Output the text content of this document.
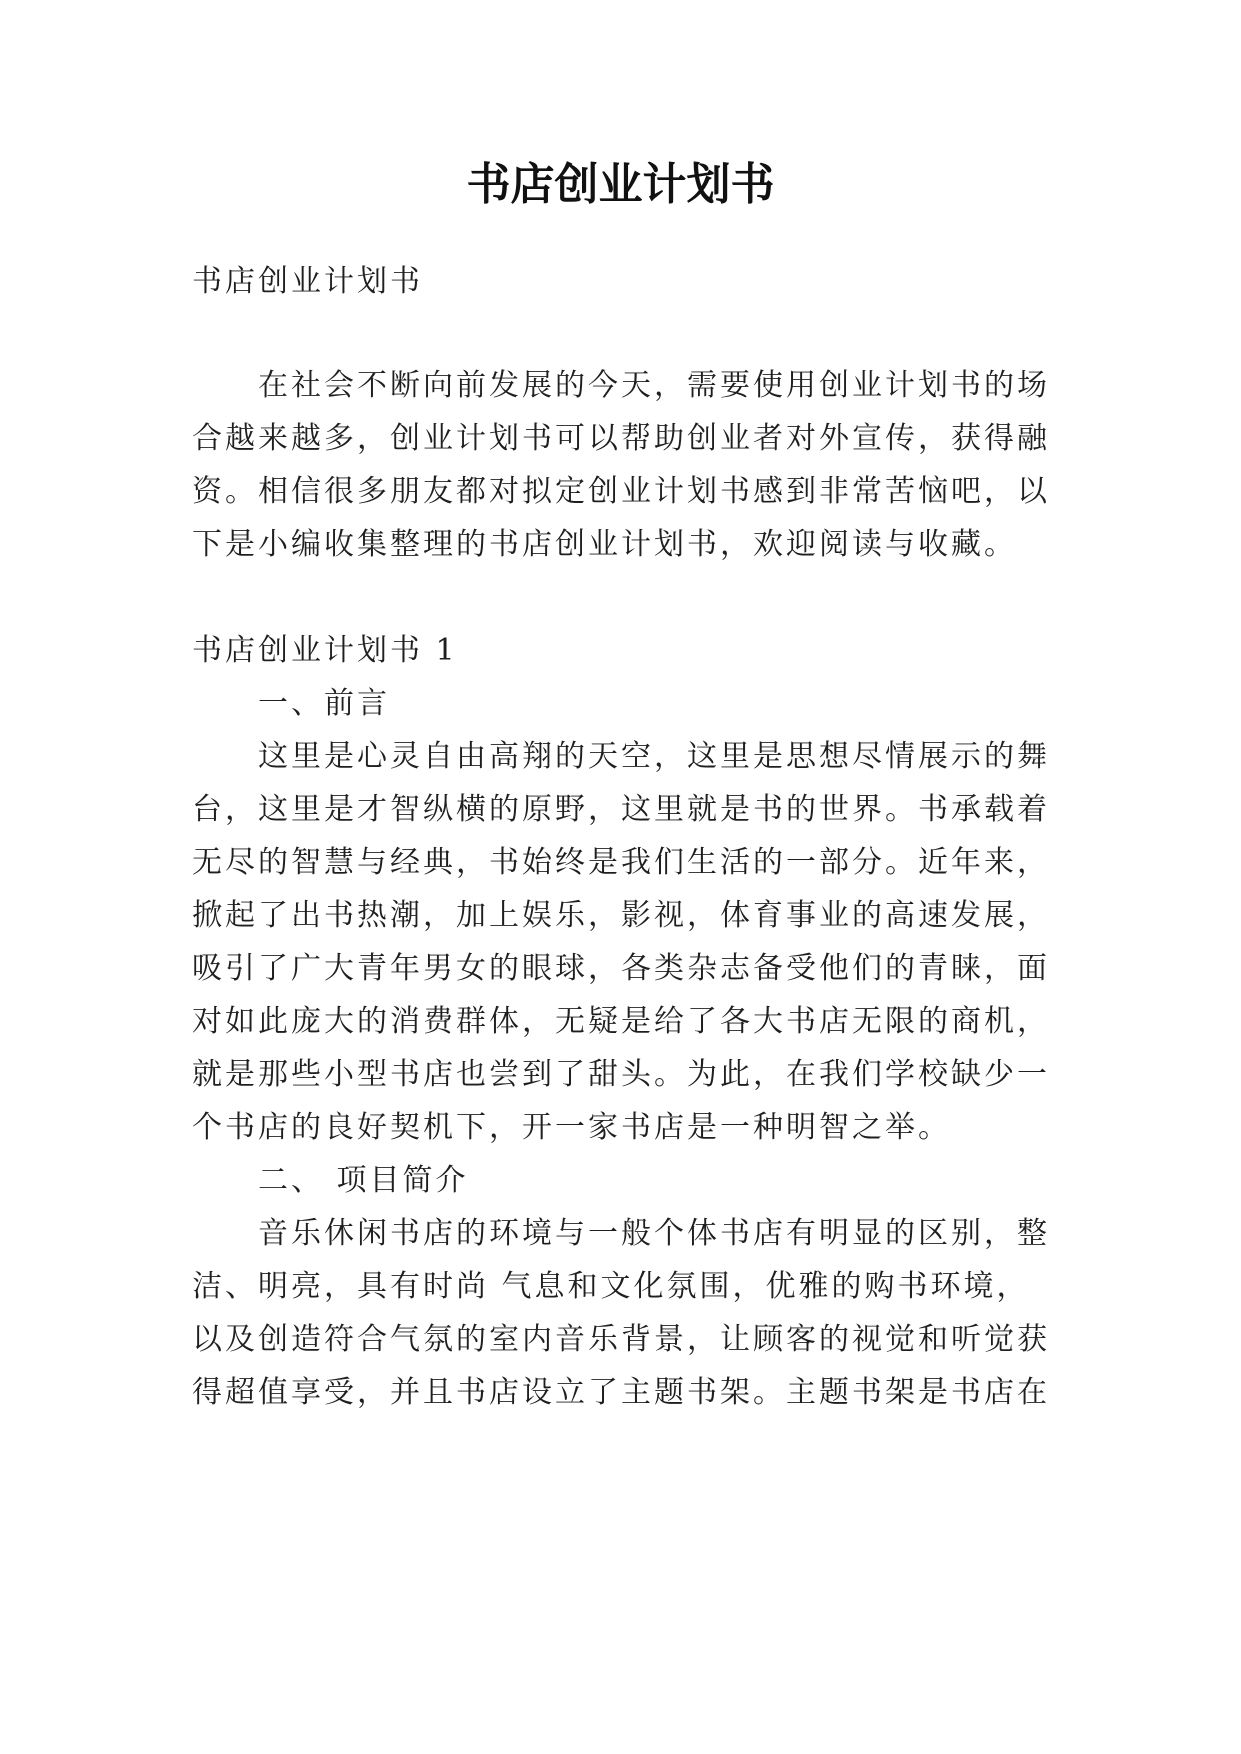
书店创业计划书
书店创业计划书
在社会不断向前发展的今天，需要使用创业计划书的场
合越来越多，创业计划书可以帮助创业者对外宣传，获得融
资。相信很多朋友都对拟定创业计划书感到非常苦恼吧，以
下是小编收集整理的书店创业计划书，欢迎阅读与收藏。
书店创业计划书 1
一、前言
这里是心灵自由高翔的天空，这里是思想尽情展示的舞
台，这里是才智纵横的原野，这里就是书的世界。书承载着
无尽的智慧与经典，书始终是我们生活的一部分。近年来，
掀起了出书热潮，加上娱乐，影视，体育事业的高速发展，
吸引了广大青年男女的眼球，各类杂志备受他们的青睐，面
对如此庞大的消费群体，无疑是给了各大书店无限的商机，
就是那些小型书店也尝到了甜头。为此，在我们学校缺少一
个书店的良好契机下，开一家书店是一种明智之举。
二、 项目简介
音乐休闲书店的环境与一般个体书店有明显的区别，整
洁、明亮，具有时尚 气息和文化氛围，优雅的购书环境，
以及创造符合气氛的室内音乐背景，让顾客的视觉和听觉获
得超值享受，并且书店设立了主题书架。主题书架是书店在
